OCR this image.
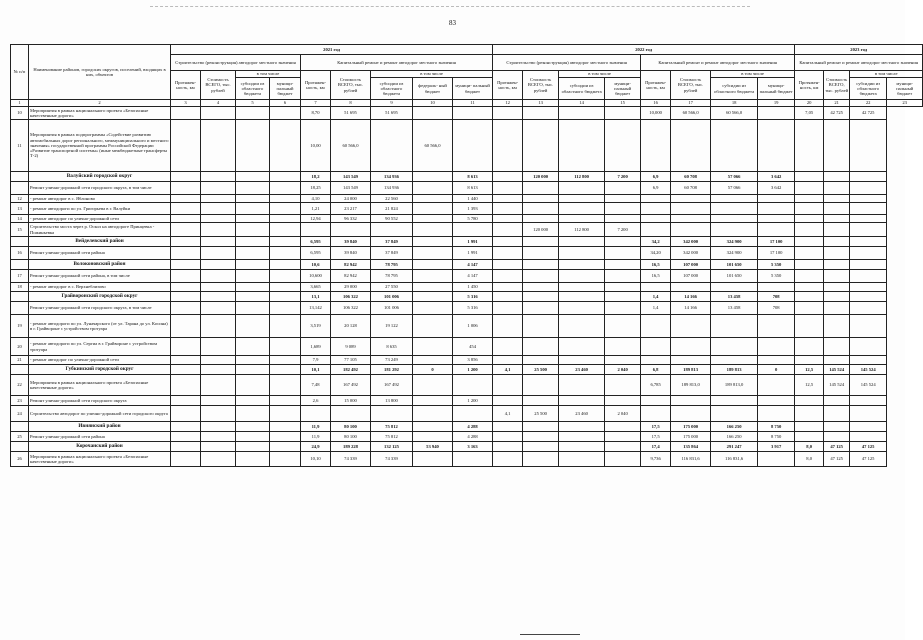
83
№ п/п	Наименование районов, городских округов, поселений, входящих в них, объектов	2021 год									2022 год								2023 год			
		Строительство (реконструкция) автодорог местного значения				Капитальный ремонт и ремонт автодорог местного значения					Строительство (реконструкция) автодорог местного значения				Капитальный ремонт и ремонт автодорог местного значения				Капитальный ремонт и ремонт автодорог местного значения			
		Протяжен- ность, км	Стоимость ВСЕГО, тыс. рублей	в том числе		Протяжен- ность, км	Стоимость ВСЕГО, тыс. рублей	в том числе			Протяжен- ность, км	Стоимость ВСЕГО, тыс. рублей	в том числе		Протяжен- ность, км	Стоимость ВСЕГО, тыс. рублей	в том числе		Протяжен- ность, км	Стоимость ВСЕГО, тыс. рублей	в том числе	
				субсидии из областного бюджета	муници- пальный бюджет			субсидии из областного бюджета	федераль- ный бюджет	муници- пальный бюджет			субсидии из областного бюджета	муници- пальный бюджет			субсидии из областного бюджета	муници- пальный бюджет			субсидии из областного бюджета	муници- пальный бюджет
1	2	3	4	5	6	7	8	9	10	11	12	13	14	15	16	17	18	19	20	21	22	23
10	Мероприятия в рамках национального проекта «Безопасные качественные дороги»					8,70	51 695	51 695							10,000	60 566,0	60 566,0		7,05	42 725	42 725	
11	Мероприятия в рамках подпрограммы «Содействие развитию автомобильных дорог регионального, межмуниципального и местного значения» государственной программы Российской Федерации «Развитие транспортной системы» (иные межбюджетные трансферты Т-2)					10,00	60 566,0		60 566,0													
	Валуйский городской округ					18,2	143 549	134 936		8 613		120 000	112 800	7 200	6,9	60 708	57 066	3 642				
	Ремонт улично-дорожной сети городского округа, в том числе					18,25	143 549	134 936		8 613					6,9	60 708	57 066	3 642				
12	- ремонт автодорог в с. Яблоново					4,10	24 000	22 560		1 440												
13	- ремонт автодороги по ул. Григорьева в г. Валуйки					1,21	23 217	21 824		1 393												
14	- ремонт автодорог по улично-дорожной сети					12,94	96 332	90 552		5 780												
15	Строительство моста через р. Оскол на автодороге Принцевка - Пожиньевка											120 000	112 800	7 200								
	Вейделевский район					6,595	39 840	37 849		1 991					34,2	342 000	324 900	17 100				
16	Ремонт улично-дорожной сети района					6,595	39 840	37 849		1 991					34,20	342 000	324 900	17 100				
	Волоконовский район					10,6	82 942	78 795		4 147					16,5	107 000	101 650	5 350				
17	Ремонт улично-дорожной сети района, в том числе					10,600	82 942	78 795		4 147					16,5	107 000	101 650	5 350				
18	- ремонт автодорог в с. Верхнеблизово					3,665	29 000	27 550		1 450												
	Грайворонский городской округ					13,1	106 322	101 006		5 316					1,4	14 166	13 458	708				
	Ремонт улично-дорожной сети городского округа, в том числе					13,142	106 322	101 006		5 316					1,4	14 166	13 458	708				
19	- ремонт автодороги по ул. Луначарского (от ул. Тарана до ул. Косина) в г. Грайвороне с устройством тротуара					3,519	20 128	19 122		1 006												
20	- ремонт автодороги по ул. Сергиа в г. Грайвороне с устройством тротуара					1,689	9 089	8 635		454												
21	- ремонт автодорог по улично-дорожной сети					7,9	77 105	73 249		3 856												
	Губкинский городской округ					10,1	182 492	181 292	0	1 200	4,1	25 500	23 460	2 040	6,8	189 813	189 813	0	12,5	145 524	145 524	
22	Мероприятия в рамках национального проекта «Безопасные качественные дороги»					7,48	167 492	167 492							6,785	189 813,0	189 813,0		12,5	145 524	145 524	
23	Ремонт улично-дорожной сети городского округа					2,6	15 000	13 800		1 200												
24	Строительство автодорог по улично-дорожной сети городского округа										4,1	25 500	23 460	2 040								
	Ивнянский район					11,9	80 100	75 812		4 288					17,5	175 000	166 250	8 750				
25	Ремонт улично-дорожной сети района					11,9	80 100	75 812		4 288					17,5	175 000	166 250	8 750				
	Корочанский район					24,9	189 228	132 125	53 940	3 163					17,4	135 864	291 247	3 917	8,0	47 125	47 125	
26	Мероприятия в рамках национального проекта «Безопасные качественные дороги»					10,10	74 339	74 339							9,736	116 831,6	116 831,6		8,0	47 125	47 125	
